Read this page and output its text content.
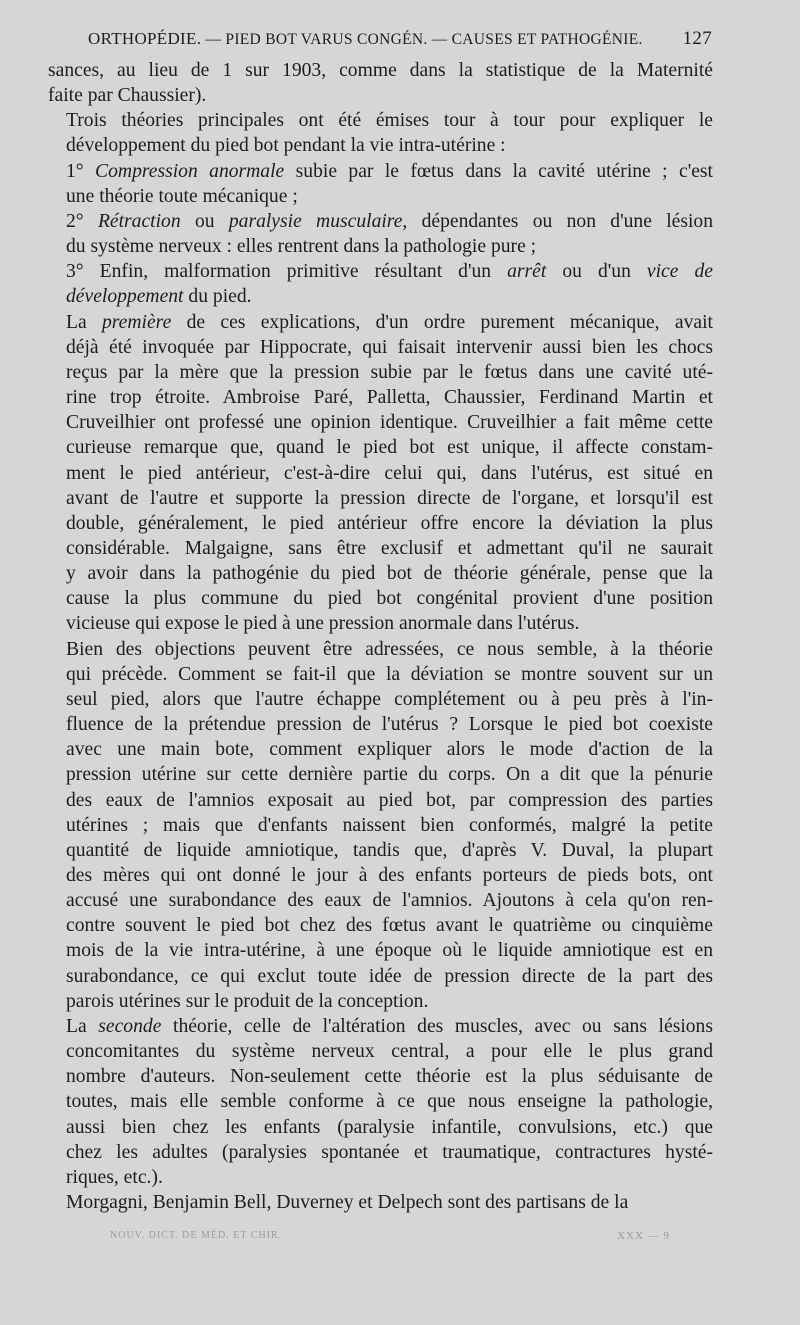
ORTHOPÉDIE. — PIED BOT VARUS CONGÉN. — CAUSES ET PATHOGÉNIE. 127

sances, au lieu de 1 sur 1903, comme dans la statistique de la Maternité
faite par Chaussier).

Trois théories principales ont été émises tour à tour pour expliquer le
développement du pied bot pendant la vie intra-utérine :

1° Compression anormale subie par le fœtus dans la cavité utérine ; c'est
une théorie toute mécanique ;

2° Rétraction ou paralysie musculaire, dépendantes ou non d'une lésion
du système nerveux : elles rentrent dans la pathologie pure ;

3° Enfin, malformation primitive résultant d'un arrêt ou d'un vice de
développement du pied.

La première de ces explications, d'un ordre purement mécanique, avait
déjà été invoquée par Hippocrate, qui faisait intervenir aussi bien les chocs
reçus par la mère que la pression subie par le fœtus dans une cavité uté-
rine trop étroite. Ambroise Paré, Palletta, Chaussier, Ferdinand Martin et
Cruveilhier ont professé une opinion identique. Cruveilhier a fait même cette
curieuse remarque que, quand le pied bot est unique, il affecte constam-
ment le pied antérieur, c'est-à-dire celui qui, dans l'utérus, est situé en
avant de l'autre et supporte la pression directe de l'organe, et lorsqu'il est
double, généralement, le pied antérieur offre encore la déviation la plus
considérable. Malgaigne, sans être exclusif et admettant qu'il ne saurait
y avoir dans la pathogénie du pied bot de théorie générale, pense que la
cause la plus commune du pied bot congénital provient d'une position
vicieuse qui expose le pied à une pression anormale dans l'utérus.

Bien des objections peuvent être adressées, ce nous semble, à la théorie
qui précède. Comment se fait-il que la déviation se montre souvent sur un
seul pied, alors que l'autre échappe complétement ou à peu près à l'in-
fluence de la prétendue pression de l'utérus ? Lorsque le pied bot coexiste
avec une main bote, comment expliquer alors le mode d'action de la
pression utérine sur cette dernière partie du corps. On a dit que la pénurie
des eaux de l'amnios exposait au pied bot, par compression des parties
utérines ; mais que d'enfants naissent bien conformés, malgré la petite
quantité de liquide amniotique, tandis que, d'après V. Duval, la plupart
des mères qui ont donné le jour à des enfants porteurs de pieds bots, ont
accusé une surabondance des eaux de l'amnios. Ajoutons à cela qu'on ren-
contre souvent le pied bot chez des fœtus avant le quatrième ou cinquième
mois de la vie intra-utérine, à une époque où le liquide amniotique est en
surabondance, ce qui exclut toute idée de pression directe de la part des
parois utérines sur le produit de la conception.

La seconde théorie, celle de l'altération des muscles, avec ou sans lésions
concomitantes du système nerveux central, a pour elle le plus grand
nombre d'auteurs. Non-seulement cette théorie est la plus séduisante de
toutes, mais elle semble conforme à ce que nous enseigne la pathologie,
aussi bien chez les enfants (paralysie infantile, convulsions, etc.) que
chez les adultes (paralysies spontanée et traumatique, contractures hysté-
riques, etc.).

Morgagni, Benjamin Bell, Duverney et Delpech sont des partisans de la

NOUV. DICT. DE MÉD. ET CHIR.	XXX — 9
